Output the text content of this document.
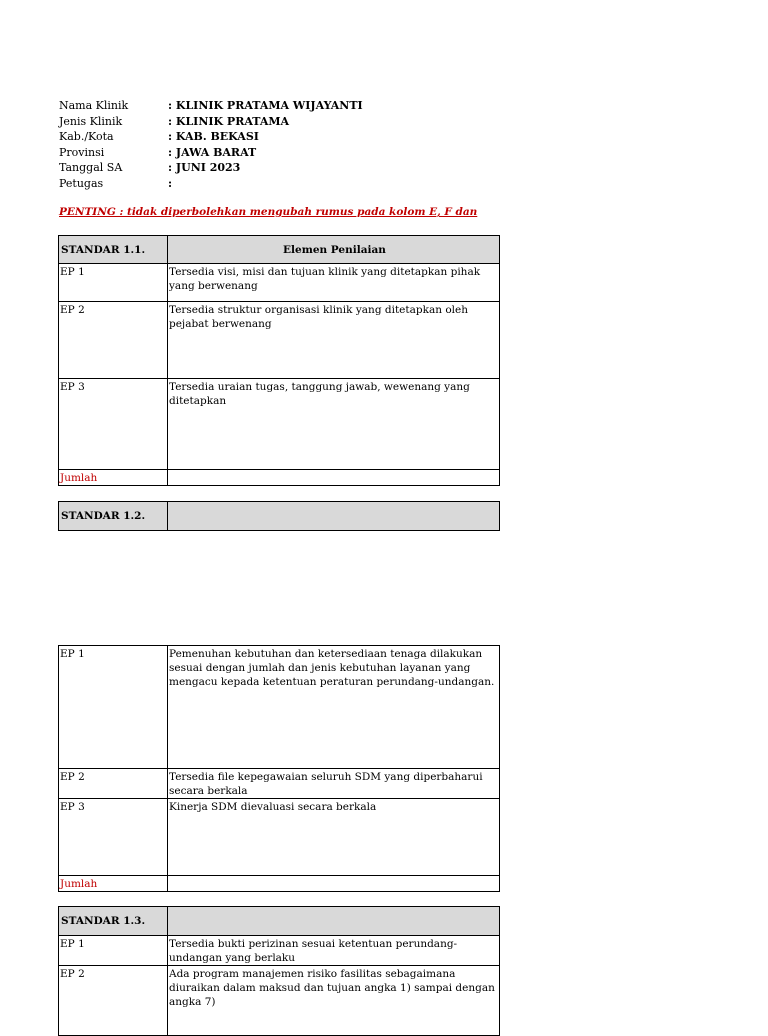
Nama Klinik	: KLINIK PRATAMA WIJAYANTI
Jenis Klinik	: KLINIK PRATAMA
Kab./Kota	: KAB. BEKASI
Provinsi	: JAWA BARAT
Tanggal SA	: JUNI 2023
Petugas	:
PENTING : tidak diperbolehkan mengubah rumus pada kolom E, F dan
STANDAR 1.1.	Elemen Penilaian
EP 1	Tersedia visi, misi dan tujuan klinik yang ditetapkan pihak yang berwenang
EP 2	Tersedia struktur organisasi klinik yang ditetapkan oleh pejabat berwenang
EP 3	Tersedia uraian tugas, tanggung jawab, wewenang yang ditetapkan
Jumlah	
STANDAR 1.2.	
EP 1	Pemenuhan kebutuhan dan ketersediaan tenaga dilakukan sesuai dengan jumlah dan jenis kebutuhan layanan yang mengacu kepada ketentuan peraturan perundang-undangan.
EP 2	Tersedia file kepegawaian seluruh SDM yang diperbaharui secara berkala
EP 3	Kinerja SDM dievaluasi secara berkala
Jumlah	
STANDAR 1.3.	
EP 1	Tersedia bukti perizinan sesuai ketentuan perundang-undangan yang berlaku
EP 2	Ada program manajemen risiko fasilitas sebagaimana diuraikan dalam maksud dan tujuan angka 1) sampai dengan angka 7)
